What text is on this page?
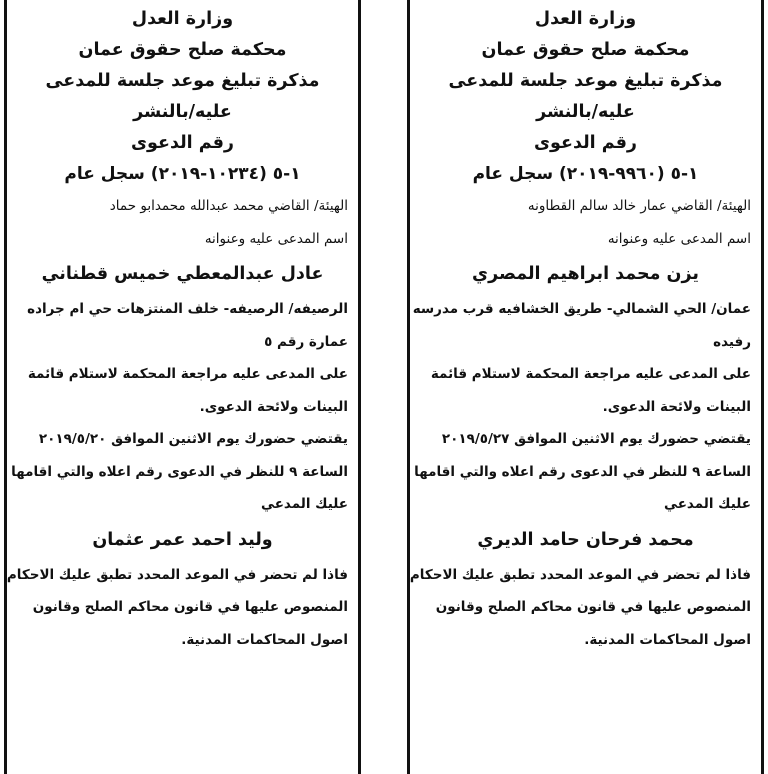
وزارة العدل
محكمة صلح حقوق عمان
مذكرة تبليغ موعد جلسة للمدعى
عليه/بالنشر
رقم الدعوى
١-٥ (١٠٢٣٤-٢٠١٩) سجل عام
الهيئة/ القاضي محمد عبدالله محمدابو حماد
اسم المدعى عليه وعنوانه
عادل عبدالمعطي خميس قطناني
الرصيفه/ الرصيفه- خلف المنتزهات حي ام جراده
عمارة رقم ٥
على المدعى عليه مراجعة المحكمة لاستلام قائمة
البينات ولائحة الدعوى.
يقتضي حضورك يوم الاثنين الموافق ٢٠١٩/٥/٢٠
الساعة ٩ للنظر في الدعوى رقم اعلاه والتي اقامها
عليك المدعي
وليد احمد عمر عثمان
فاذا لم تحضر في الموعد المحدد تطبق عليك الاحكام
المنصوص عليها في قانون محاكم الصلح وقانون
اصول المحاكمات المدنية.
وزارة العدل
محكمة صلح حقوق عمان
مذكرة تبليغ موعد جلسة للمدعى
عليه/بالنشر
رقم الدعوى
١-٥ (٩٩٦٠-٢٠١٩) سجل عام
الهيئة/ القاضي عمار خالد سالم القطاونه
اسم المدعى عليه وعنوانه
يزن محمد ابراهيم المصري
عمان/ الحي الشمالي- طريق الخشافيه قرب مدرسه
رفيده
على المدعى عليه مراجعة المحكمة لاستلام قائمة
البينات ولائحة الدعوى.
يقتضي حضورك يوم الاثنين الموافق ٢٠١٩/٥/٢٧
الساعة ٩ للنظر في الدعوى رقم اعلاه والتي اقامها
عليك المدعي
محمد فرحان حامد الديري
فاذا لم تحضر في الموعد المحدد تطبق عليك الاحكام
المنصوص عليها في قانون محاكم الصلح وقانون
اصول المحاكمات المدنية.
